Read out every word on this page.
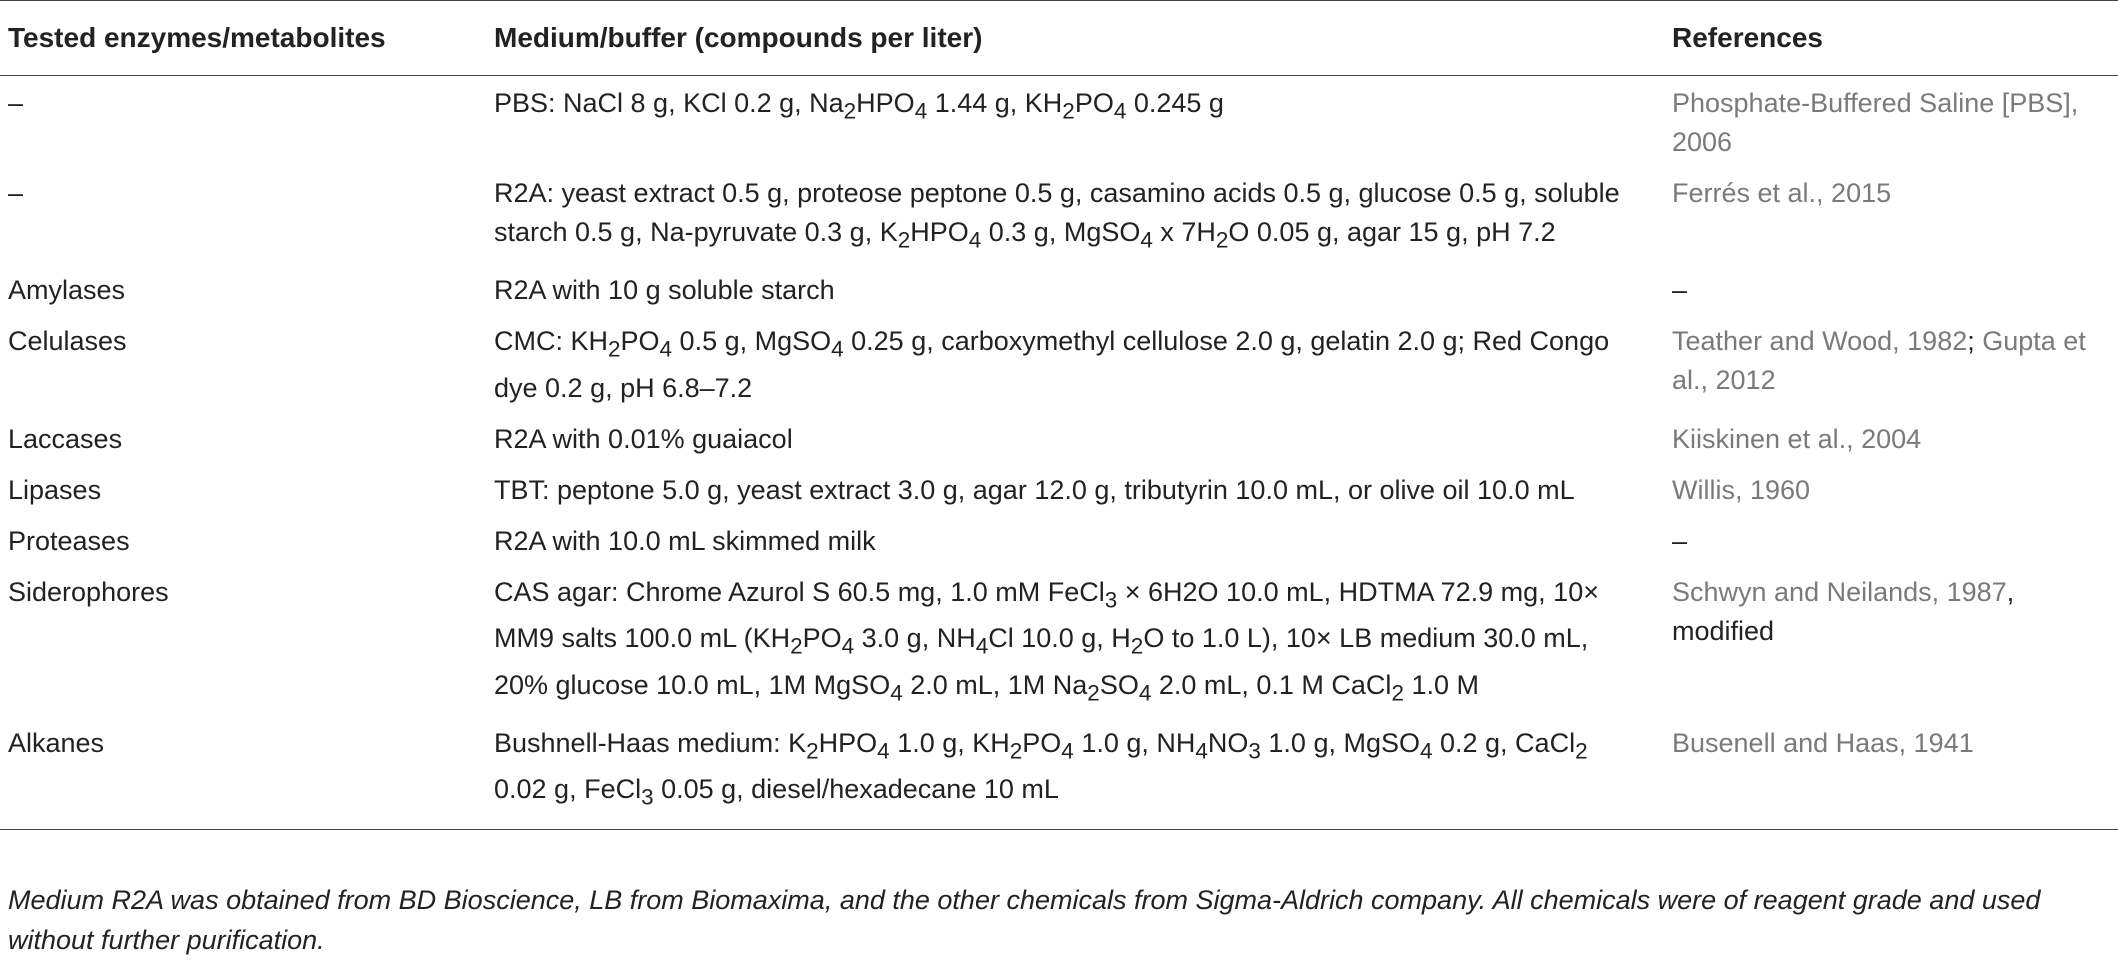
Tested enzymes/metabolites	Medium/buffer (compounds per liter)	References
–	PBS: NaCl 8 g, KCl 0.2 g, $Na_2HPO_4$ 1.44 g, $KH_2PO_4$ 0.245 g	Phosphate-Buffered Saline [PBS], 2006
–	R2A: yeast extract 0.5 g, proteose peptone 0.5 g, casamino acids 0.5 g, glucose 0.5 g, soluble starch 0.5 g, Na-pyruvate 0.3 g, $K_2HPO_4$ 0.3 g, MgSO$_4$ x $7H_2O$ 0.05 g, agar 15 g, pH 7.2	Ferrés et al., 2015
Amylases	R2A with 10 g soluble starch	–
Celulases	CMC: $KH_2PO_4$ 0.5 g, MgSO$_4$ 0.25 g, carboxymethyl cellulose 2.0 g, gelatin 2.0 g; Red Congo dye 0.2 g, pH 6.8–7.2	Teather and Wood, 1982; Gupta et al., 2012
Laccases	R2A with 0.01% guaiacol	Kiiskinen et al., 2004
Lipases	TBT: peptone 5.0 g, yeast extract 3.0 g, agar 12.0 g, tributyrin 10.0 mL, or olive oil 10.0 mL	Willis, 1960
Proteases	R2A with 10.0 mL skimmed milk	–
Siderophores	CAS agar: Chrome Azurol S 60.5 mg, 1.0 mM FeCl$_3$ × 6H2O 10.0 mL, HDTMA 72.9 mg, 10× MM9 salts 100.0 mL ($KH_2PO_4$ 3.0 g, $NH_4Cl$ 10.0 g, $H_2O$ to 1.0 L), 10× LB medium 30.0 mL, 20% glucose 10.0 mL, 1M MgSO$_4$ 2.0 mL, 1M $Na_2SO_4$ 2.0 mL, 0.1 M CaCl$_2$ 1.0 M	Schwyn and Neilands, 1987, modified
Alkanes	Bushnell-Haas medium: $K_2HPO_4$ 1.0 g, $KH_2PO_4$ 1.0 g, $NH_4NO_3$ 1.0 g, MgSO$_4$ 0.2 g, CaCl$_2$ 0.02 g, FeCl$_3$ 0.05 g, diesel/hexadecane 10 mL	Busenell and Haas, 1941
Medium R2A was obtained from BD Bioscience, LB from Biomaxima, and the other chemicals from Sigma-Aldrich company. All chemicals were of reagent grade and used without further purification.
